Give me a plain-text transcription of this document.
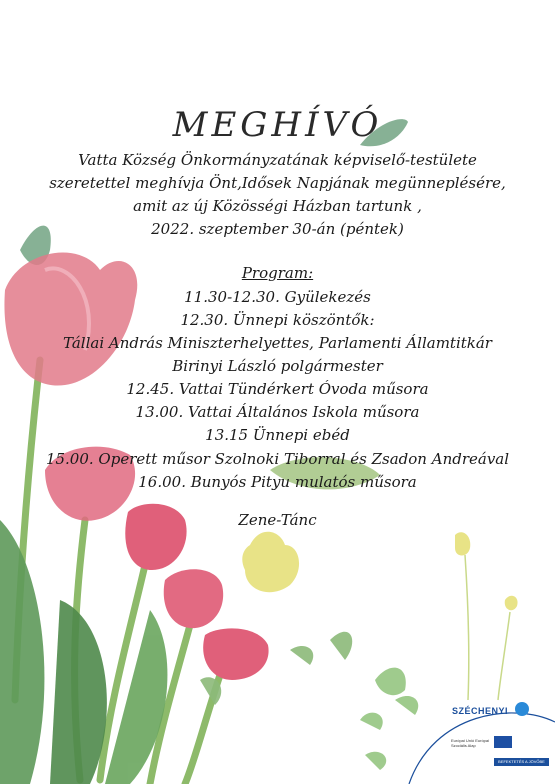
MEGHÍVÓ
Vatta Község Önkormányzatának képviselő-testülete
szeretettel meghívja Önt,Idősek Napjának megünneplésére,
amit az új Közösségi Házban tartunk ,
2022. szeptember 30-án (péntek)
Program:
11.30-12.30. Gyülekezés
12.30. Ünnepi köszöntők:
Tállai András Miniszterhelyettes, Parlamenti Államtitkár
Birinyi László polgármester
12.45. Vattai Tündérkert Óvoda műsora
13.00. Vattai Általános Iskola műsora
13.15 Ünnepi ebéd
15.00. Operett műsor Szolnoki Tiborral és Zsadon Andreával
16.00. Bunyós Pityu mulatós műsora
Zene-Tánc
SZÉCHENYI
Európai Unió Európai Szociális Alap
BEFEKTETÉS A JÖVŐBE
